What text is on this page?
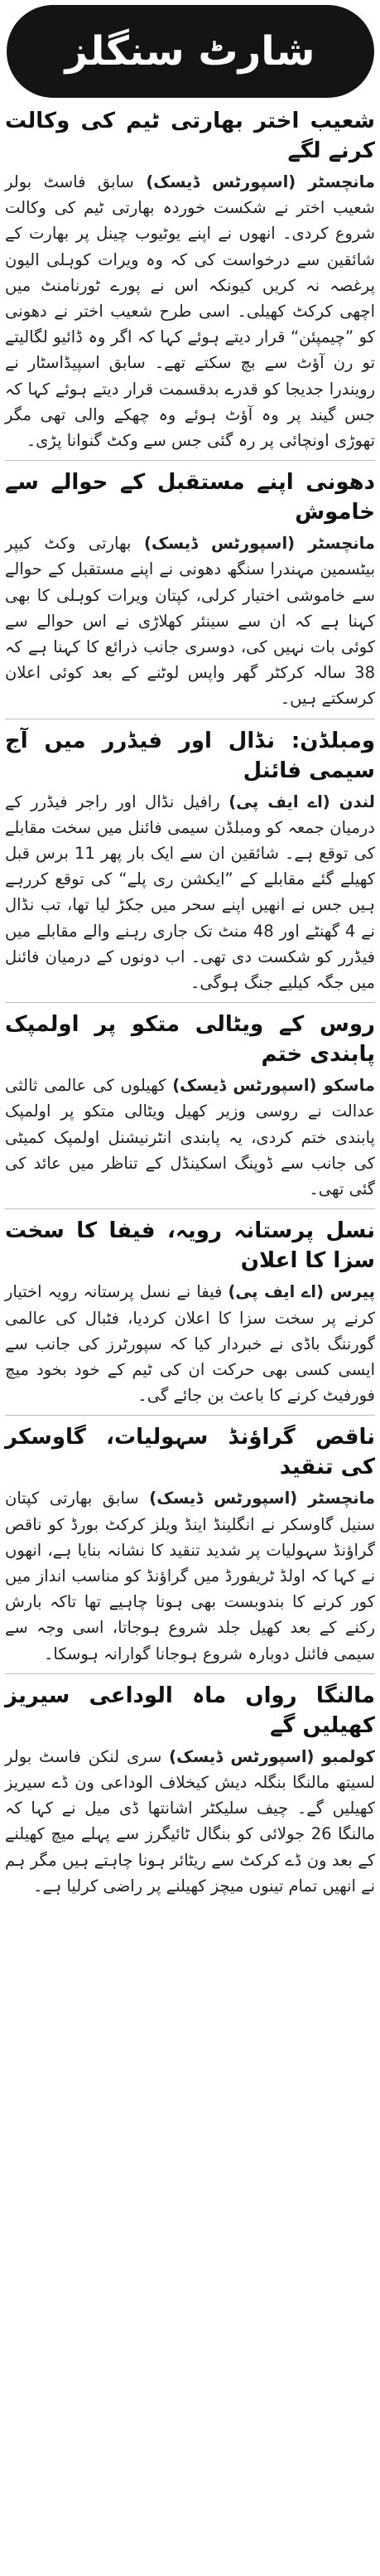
شارٹ سنگلز
شعیب اختر بھارتی ٹیم کی وکالت کرنے لگے

مانچسٹر (اسپورٹس ڈیسک) سابق فاسٹ بولر شعیب اختر نے شکست خوردہ بھارتی ٹیم کی وکالت شروع کردی۔ انھوں نے اپنے یوٹیوب چینل پر بھارت کے شائقین سے درخواست کی کہ وہ ویرات کوہلی الیون پرغصہ نہ کریں کیونکہ اس نے پورے ٹورنامنٹ میں اچھی کرکٹ کھیلی۔ اسی طرح شعیب اختر نے دھونی کو ”چیمپئن“ قرار دیتے ہوئے کہا کہ اگر وہ ڈائیو لگالیتے تو رن آؤٹ سے بچ سکتے تھے۔ سابق اسپیڈاسٹار نے رویندرا جدیجا کو قدرے بدقسمت قرار دیتے ہوئے کہا کہ جس گیند پر وہ آؤٹ ہوئے وہ چھکے والی تھی مگر تھوڑی اونچائی پر رہ گئی جس سے وکٹ گنوانا پڑی۔

دھونی اپنے مستقبل کے حوالے سے خاموش

مانچسٹر (اسپورٹس ڈیسک) بھارتی وکٹ کیپر بیٹسمین مہندرا سنگھ دھونی نے اپنے مستقبل کے حوالے سے خاموشی اختیار کرلی، کپتان ویرات کوہلی کا بھی کہنا ہے کہ ان سے سینئر کھلاڑی نے اس حوالے سے کوئی بات نہیں کی، دوسری جانب ذرائع کا کہنا ہے کہ 38 سالہ کرکٹر گھر واپس لوٹنے کے بعد کوئی اعلان کرسکتے ہیں۔

ومبلڈن: نڈال اور فیڈرر میں آج سیمی فائنل

لندن (اے ایف پی) رافیل نڈال اور راجر فیڈرر کے درمیان جمعہ کو ومبلڈن سیمی فائنل میں سخت مقابلے کی توقع ہے۔ شائقین ان سے ایک بار پھر 11 برس قبل کھیلے گئے مقابلے کے ”ایکشن ری پلے“ کی توقع کررہے ہیں جس نے انھیں اپنے سحر میں جکڑ لیا تھا، تب نڈال نے 4 گھنٹے اور 48 منٹ تک جاری رہنے والے مقابلے میں فیڈرر کو شکست دی تھی۔ اب دونوں کے درمیان فائنل میں جگہ کیلیے جنگ ہوگی۔

روس کے ویٹالی متکو پر اولمپک پابندی ختم

ماسکو (اسپورٹس ڈیسک) کھیلوں کی عالمی ثالثی عدالت نے روسی وزیر کھیل ویٹالی متکو پر اولمپک پابندی ختم کردی، یہ پابندی انٹرنیشنل اولمپک کمیٹی کی جانب سے ڈوپنگ اسکینڈل کے تناظر میں عائد کی گئی تھی۔

نسل پرستانہ رویہ، فیفا کا سخت سزا کا اعلان

پیرس (اے ایف پی) فیفا نے نسل پرستانہ رویہ اختیار کرنے پر سخت سزا کا اعلان کردیا، فٹبال کی عالمی گورننگ باڈی نے خبردار کیا کہ سپورٹرز کی جانب سے ایسی کسی بھی حرکت ان کی ٹیم کے خود بخود میچ فورفیٹ کرنے کا باعث بن جائے گی۔

ناقص گراؤنڈ سہولیات، گاوسکر کی تنقید

مانچسٹر (اسپورٹس ڈیسک) سابق بھارتی کپتان سنیل گاوسکر نے انگلینڈ اینڈ ویلز کرکٹ بورڈ کو ناقص گراؤنڈ سہولیات پر شدید تنقید کا نشانہ بنایا ہے، انھوں نے کہا کہ اولڈ ٹریفورڈ میں گراؤنڈ کو مناسب انداز میں کور کرنے کا بندوبست بھی ہونا چاہیے تھا تاکہ بارش رکنے کے بعد کھیل جلد شروع ہوجاتا، اسی وجہ سے سیمی فائنل دوبارہ شروع ہوجانا گوارانہ ہوسکا۔

مالنگا رواں ماہ الوداعی سیریز کھیلیں گے

کولمبو (اسپورٹس ڈیسک) سری لنکن فاسٹ بولر لسیتھ مالنگا بنگلہ دیش کیخلاف الوداعی ون ڈے سیریز کھیلیں گے۔ چیف سلیکٹر اشانتھا ڈی میل نے کہا کہ مالنگا 26 جولائی کو بنگال ٹائیگرز سے پہلے میچ کھیلنے کے بعد ون ڈے کرکٹ سے ریٹائر ہونا چاہتے ہیں مگر ہم نے انھیں تمام تینوں میچز کھیلنے پر راضی کرلیا ہے۔
